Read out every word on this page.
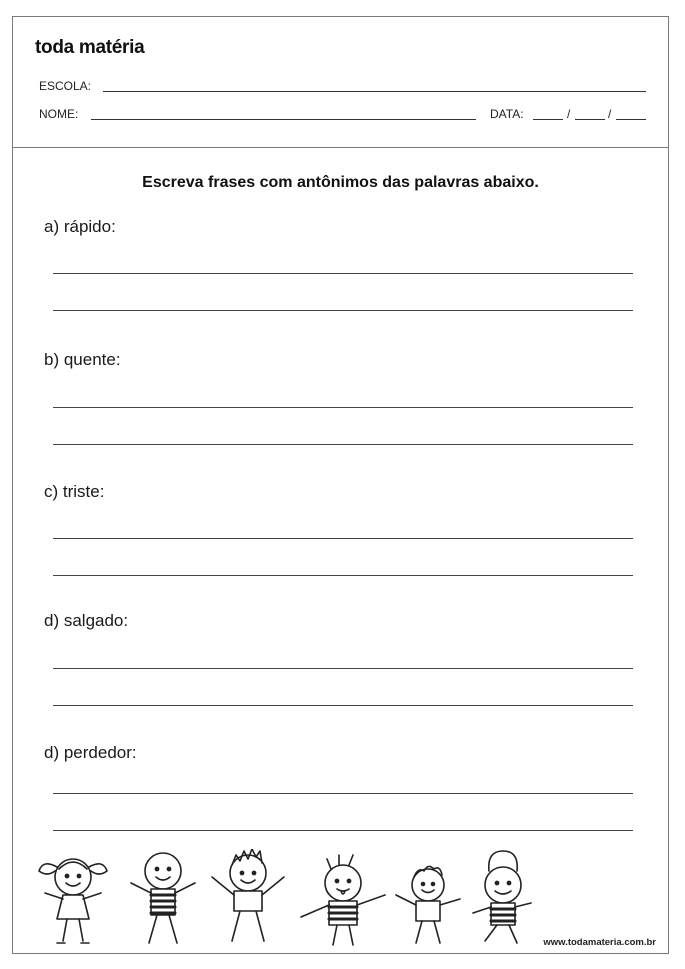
toda matéria
ESCOLA:
NOME:	DATA:	/	/
Escreva frases com antônimos das palavras abaixo.
a) rápido:
b) quente:
c) triste:
d) salgado:
d) perdedor:
www.todamateria.com.br
